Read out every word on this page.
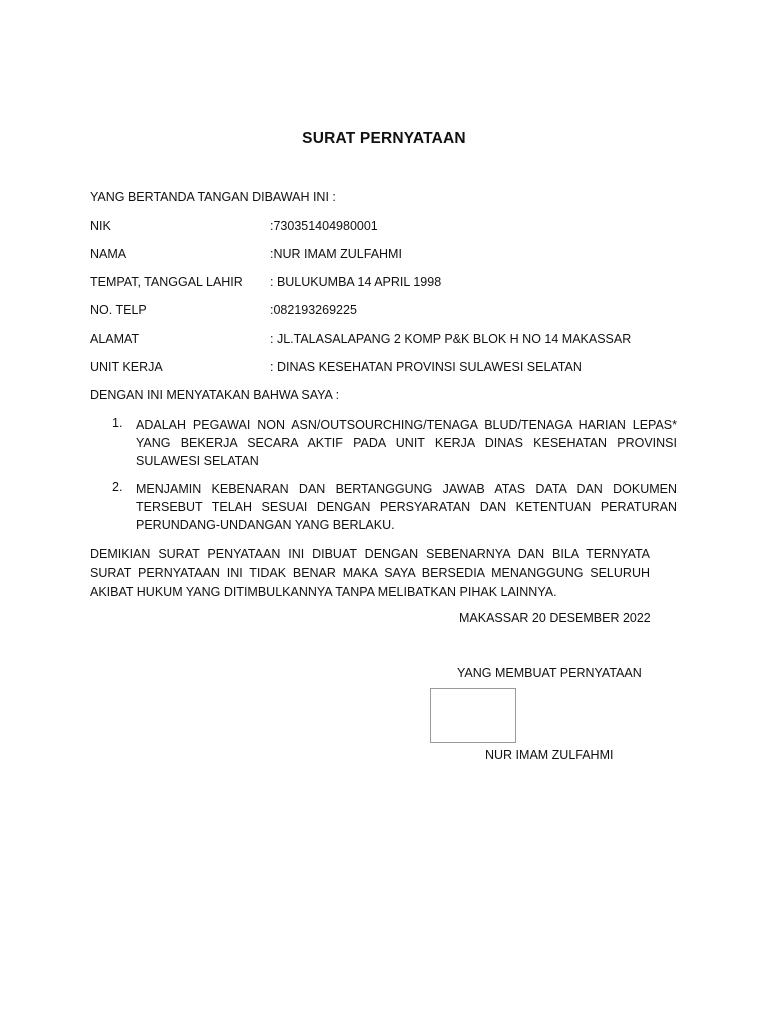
SURAT PERNYATAAN
YANG BERTANDA TANGAN DIBAWAH INI :
NIK	:730351404980001
NAMA	:NUR IMAM ZULFAHMI
TEMPAT, TANGGAL LAHIR : BULUKUMBA 14 APRIL 1998
NO. TELP	:082193269225
ALAMAT	: JL.TALASALAPANG 2 KOMP P&K BLOK H NO 14 MAKASSAR
UNIT KERJA	: DINAS KESEHATAN PROVINSI SULAWESI SELATAN
DENGAN INI MENYATAKAN BAHWA SAYA :
1. ADALAH PEGAWAI NON ASN/OUTSOURCHING/TENAGA BLUD/TENAGA HARIAN LEPAS* YANG BEKERJA SECARA AKTIF PADA UNIT KERJA DINAS KESEHATAN PROVINSI SULAWESI SELATAN
2. MENJAMIN KEBENARAN DAN BERTANGGUNG JAWAB ATAS DATA DAN DOKUMEN TERSEBUT TELAH SESUAI DENGAN PERSYARATAN DAN KETENTUAN PERATURAN PERUNDANG-UNDANGAN YANG BERLAKU.
DEMIKIAN SURAT PENYATAAN INI DIBUAT DENGAN SEBENARNYA DAN BILA TERNYATA SURAT PERNYATAAN INI TIDAK BENAR MAKA SAYA BERSEDIA MENANGGUNG SELURUH AKIBAT HUKUM YANG DITIMBULKANNYA TANPA MELIBATKAN PIHAK LAINNYA.
MAKASSAR 20 DESEMBER 2022
YANG MEMBUAT PERNYATAAN
NUR IMAM ZULFAHMI
